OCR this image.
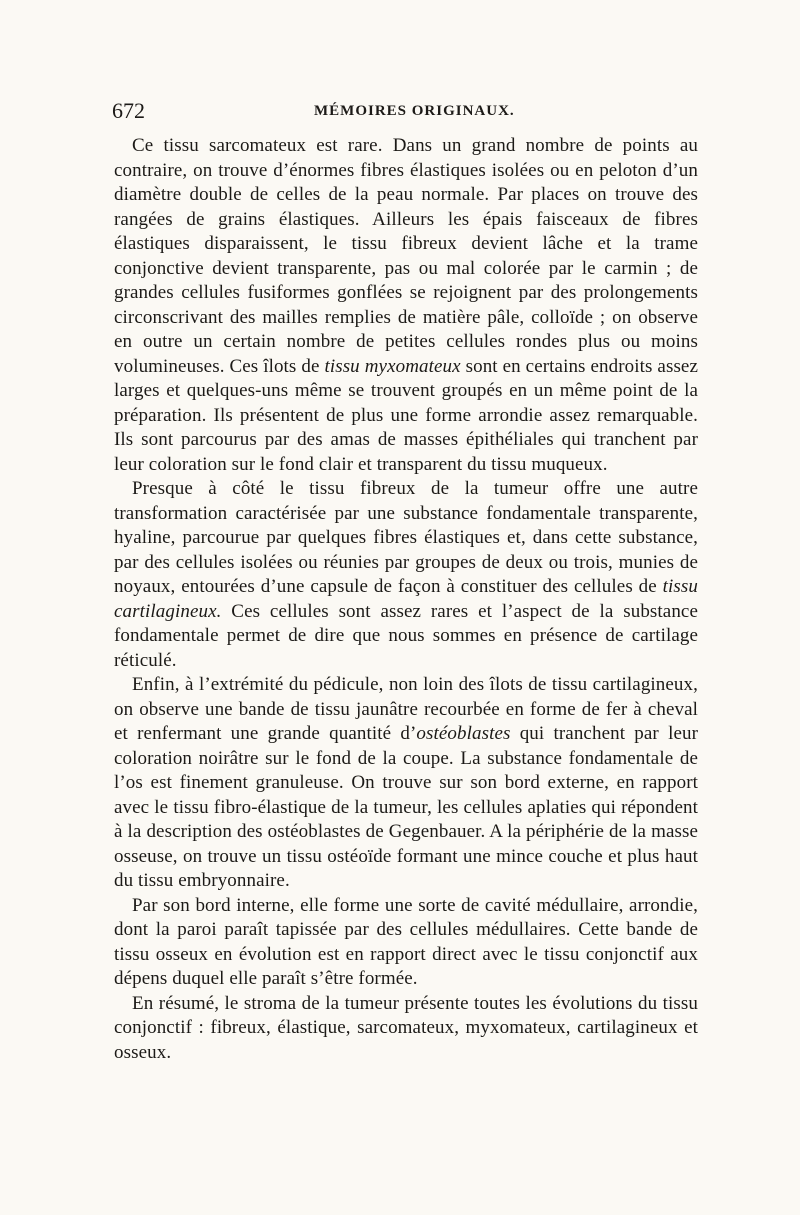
672	MÉMOIRES ORIGINAUX.

Ce tissu sarcomateux est rare. Dans un grand nombre de points au contraire, on trouve d’énormes fibres élastiques isolées ou en peloton d’un diamètre double de celles de la peau normale. Par places on trouve des rangées de grains élastiques. Ailleurs les épais faisceaux de fibres élastiques disparaissent, le tissu fibreux devient lâche et la trame conjonctive devient transparente, pas ou mal colorée par le carmin ; de grandes cellules fusiformes gonflées se rejoignent par des prolongements circonscrivant des mailles remplies de matière pâle, colloïde ; on observe en outre un certain nombre de petites cellules rondes plus ou moins volumineuses. Ces îlots de tissu myxomateux sont en certains endroits assez larges et quelques-uns même se trouvent groupés en un même point de la préparation. Ils présentent de plus une forme arrondie assez remarquable. Ils sont parcourus par des amas de masses épithéliales qui tranchent par leur coloration sur le fond clair et transparent du tissu muqueux.

Presque à côté le tissu fibreux de la tumeur offre une autre transformation caractérisée par une substance fondamentale transparente, hyaline, parcourue par quelques fibres élastiques et, dans cette substance, par des cellules isolées ou réunies par groupes de deux ou trois, munies de noyaux, entourées d’une capsule de façon à constituer des cellules de tissu cartilagineux. Ces cellules sont assez rares et l’aspect de la substance fondamentale permet de dire que nous sommes en présence de cartilage réticulé.

Enfin, à l’extrémité du pédicule, non loin des îlots de tissu cartilagineux, on observe une bande de tissu jaunâtre recourbée en forme de fer à cheval et renfermant une grande quantité d’ostéoblastes qui tranchent par leur coloration noirâtre sur le fond de la coupe. La substance fondamentale de l’os est finement granuleuse. On trouve sur son bord externe, en rapport avec le tissu fibro-élastique de la tumeur, les cellules aplaties qui répondent à la description des ostéoblastes de Gegenbauer. A la périphérie de la masse osseuse, on trouve un tissu ostéoïde formant une mince couche et plus haut du tissu embryonnaire.

Par son bord interne, elle forme une sorte de cavité médullaire, arrondie, dont la paroi paraît tapissée par des cellules médullaires. Cette bande de tissu osseux en évolution est en rapport direct avec le tissu conjonctif aux dépens duquel elle paraît s’être formée.

En résumé, le stroma de la tumeur présente toutes les évolutions du tissu conjonctif : fibreux, élastique, sarcomateux, myxomateux, cartilagineux et osseux.
